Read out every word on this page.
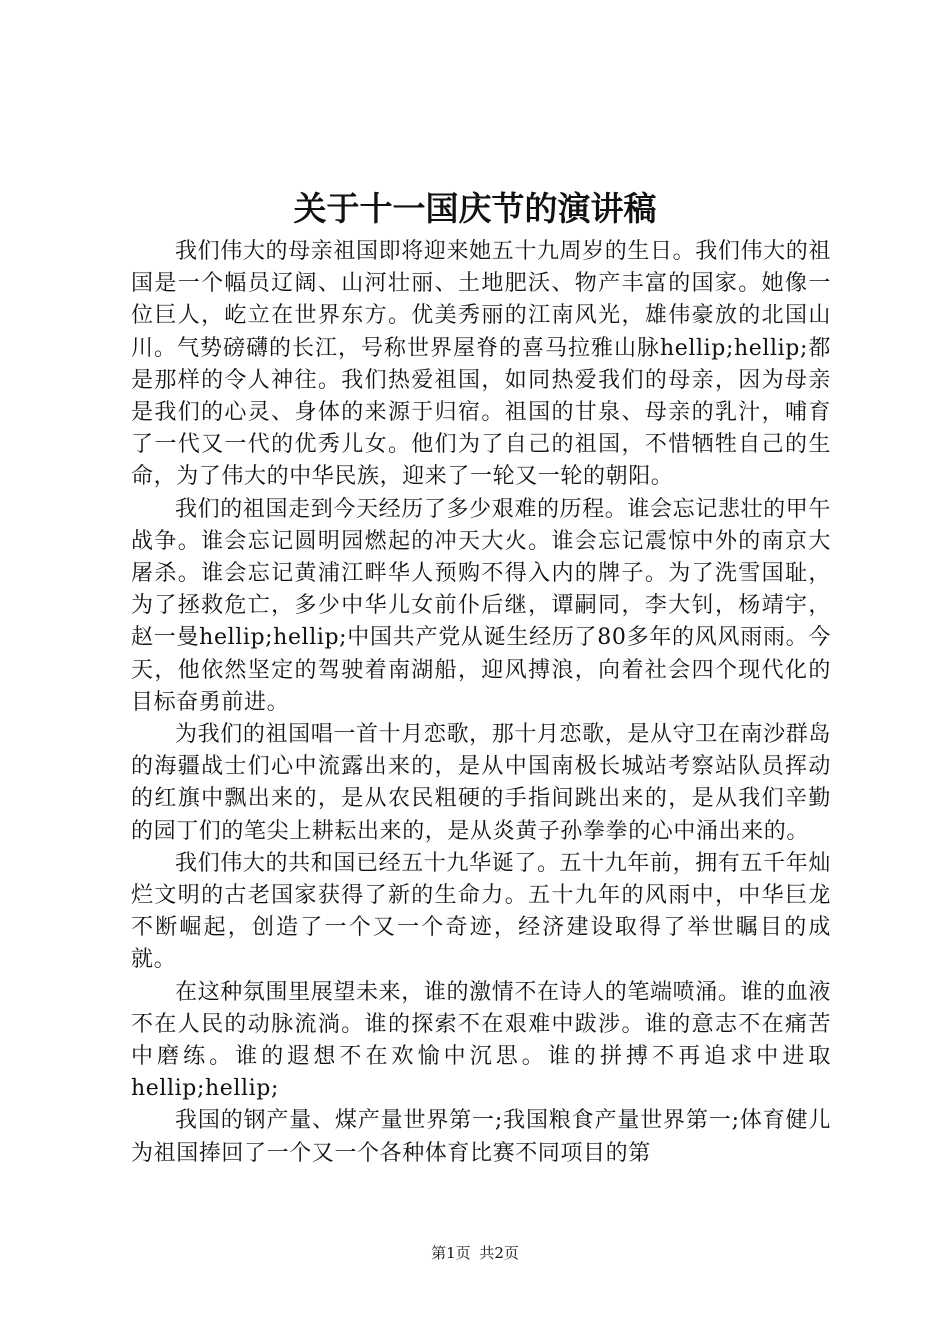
关于十一国庆节的演讲稿

我们伟大的母亲祖国即将迎来她五十九周岁的生日。我们伟大的祖国是一个幅员辽阔、山河壮丽、土地肥沃、物产丰富的国家。她像一位巨人，屹立在世界东方。优美秀丽的江南风光，雄伟豪放的北国山川。气势磅礴的长江，号称世界屋脊的喜马拉雅山脉hellip;hellip;都是那样的令人神往。我们热爱祖国，如同热爱我们的母亲，因为母亲是我们的心灵、身体的来源于归宿。祖国的甘泉、母亲的乳汁，哺育了一代又一代的优秀儿女。他们为了自己的祖国，不惜牺牲自己的生命，为了伟大的中华民族，迎来了一轮又一轮的朝阳。

我们的祖国走到今天经历了多少艰难的历程。谁会忘记悲壮的甲午战争。谁会忘记圆明园燃起的冲天大火。谁会忘记震惊中外的南京大屠杀。谁会忘记黄浦江畔华人预购不得入内的牌子。为了洗雪国耻，为了拯救危亡，多少中华儿女前仆后继，谭嗣同，李大钊，杨靖宇，赵一曼hellip;hellip;中国共产党从诞生经历了80多年的风风雨雨。今天，他依然坚定的驾驶着南湖船，迎风搏浪，向着社会四个现代化的目标奋勇前进。

为我们的祖国唱一首十月恋歌，那十月恋歌，是从守卫在南沙群岛的海疆战士们心中流露出来的，是从中国南极长城站考察站队员挥动的红旗中飘出来的，是从农民粗硬的手指间跳出来的，是从我们辛勤的园丁们的笔尖上耕耘出来的，是从炎黄子孙拳拳的心中涌出来的。

我们伟大的共和国已经五十九华诞了。五十九年前，拥有五千年灿烂文明的古老国家获得了新的生命力。五十九年的风雨中，中华巨龙不断崛起，创造了一个又一个奇迹，经济建设取得了举世瞩目的成就。

在这种氛围里展望未来，谁的激情不在诗人的笔端喷涌。谁的血液不在人民的动脉流淌。谁的探索不在艰难中跋涉。谁的意志不在痛苦中磨练。谁的遐想不在欢愉中沉思。谁的拼搏不再追求中进取hellip;hellip;

我国的钢产量、煤产量世界第一;我国粮食产量世界第一;体育健儿为祖国捧回了一个又一个各种体育比赛不同项目的第

第1页 共2页
